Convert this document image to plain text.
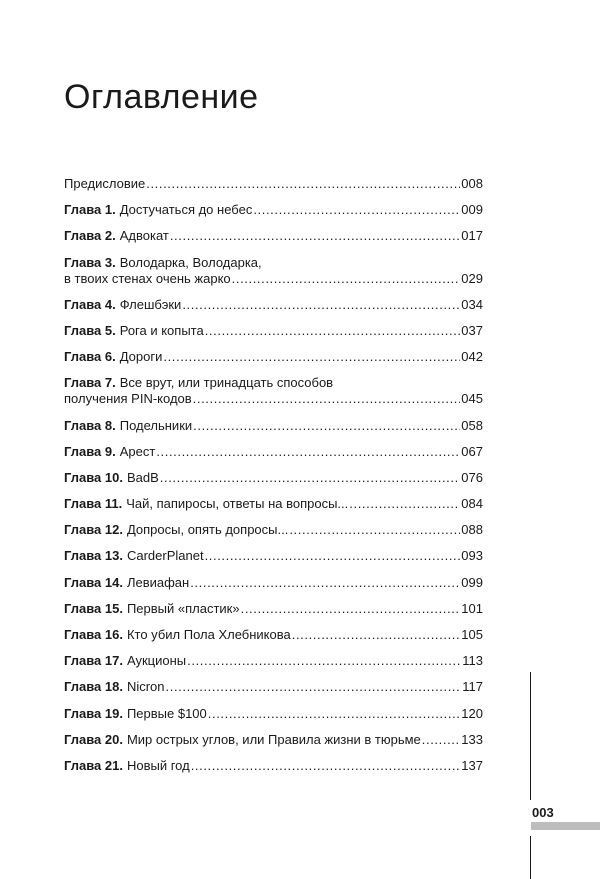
Оглавление
Предисловие .....	008
Глава 1. Достучаться до небес .....	009
Глава 2. Адвокат .....	017
Глава 3. Володарка, Володарка,
в твоих стенах очень жарко .....	029
Глава 4. Флешбэки .....	034
Глава 5. Рога и копыта .....	037
Глава 6. Дороги .....	042
Глава 7. Все врут, или тринадцать способов
получения PIN-кодов .....	045
Глава 8. Подельники .....	058
Глава 9. Арест .....	067
Глава 10. BadB .....	076
Глава 11. Чай, папиросы, ответы на вопросы... .....	084
Глава 12. Допросы, опять допросы... .....	088
Глава 13. CarderPlanet .....	093
Глава 14. Левиафан .....	099
Глава 15. Первый «пластик» .....	101
Глава 16. Кто убил Пола Хлебникова .....	105
Глава 17. Аукционы .....	113
Глава 18. Nicron .....	117
Глава 19. Первые $100 .....	120
Глава 20. Мир острых углов, или Правила жизни в тюрьме .....	133
Глава 21. Новый год .....	137
003
